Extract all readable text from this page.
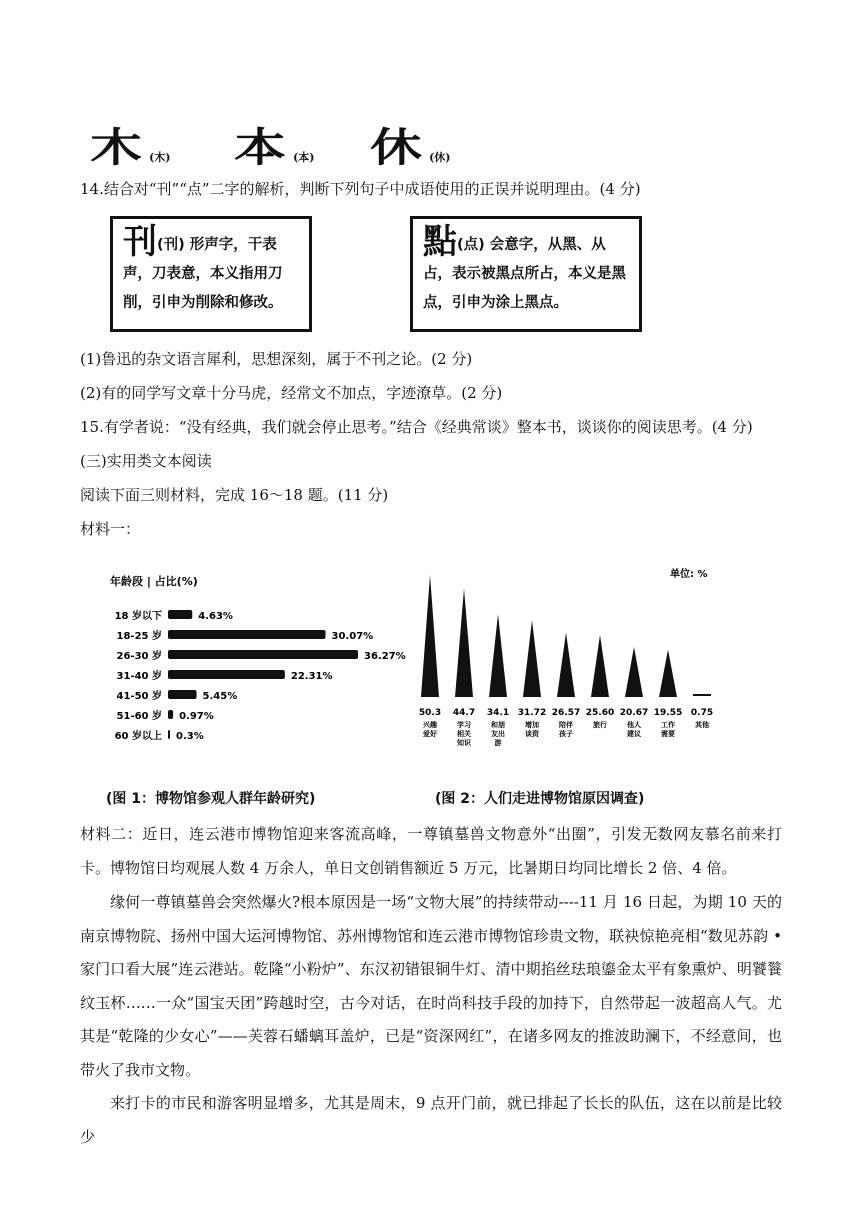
木 (木) 本 (本) 休 (休)
14.结合对“刊”“点”二字的解析，判断下列句子中成语使用的正误并说明理由。(4 分)
刊(刊) 形声字，干表声，刀表意，本义指用刀削，引申为削除和修改。
點(点) 会意字，从黑、从占，表示被黑点所占，本义是黑点，引申为涂上黑点。
(1)鲁迅的杂文语言犀利，思想深刻，属于不刊之论。(2 分)
(2)有的同学写文章十分马虎，经常文不加点，字迹潦草。(2 分)
15.有学者说：“没有经典，我们就会停止思考。”结合《经典常谈》整本书，谈谈你的阅读思考。(4 分)
(三)实用类文本阅读
阅读下面三则材料，完成 16～18 题。(11 分)
材料一：
年龄段 | 占比(%)
18 岁以下	4.63%
18-25 岁	30.07%
26-30 岁	36.27%
31-40 岁	22.31%
41-50 岁	5.45%
51-60 岁 0.97%
60 岁以上 0.3%
单位: %
50.3
兴趣爱好
44.7
学习相关知识
34.1
和朋友出游
31.72
增加谈资
26.57
陪伴孩子
25.60
旅行
20.67
他人建议
19.55
工作需要
0.75
其他
(图 1：博物馆参观人群年龄研究)	(图 2：人们走进博物馆原因调查)
材料二：近日，连云港市博物馆迎来客流高峰，一尊镇墓兽文物意外“出圈”，引发无数网友慕名前来打卡。博物馆日均观展人数 4 万余人，单日文创销售额近 5 万元，比暑期日均同比增长 2 倍、4 倍。
缘何一尊镇墓兽会突然爆火?根本原因是一场“文物大展”的持续带动----11 月 16 日起，为期 10 天的南京博物院、扬州中国大运河博物馆、苏州博物馆和连云港市博物馆珍贵文物，联袂惊艳亮相“数见苏韵 •家门口看大展”连云港站。乾隆“小粉炉”、东汉初错银铜牛灯、清中期掐丝珐琅鎏金太平有象熏炉、明饕餮纹玉杯……一众“国宝天团”跨越时空，古今对话，在时尚科技手段的加持下，自然带起一波超高人气。尤其是“乾隆的少女心”——芙蓉石蟠螭耳盖炉，已是“资深网红”，在诸多网友的推波助澜下，不经意间，也带火了我市文物。
来打卡的市民和游客明显增多，尤其是周末，9 点开门前，就已排起了长长的队伍，这在以前是比较少
